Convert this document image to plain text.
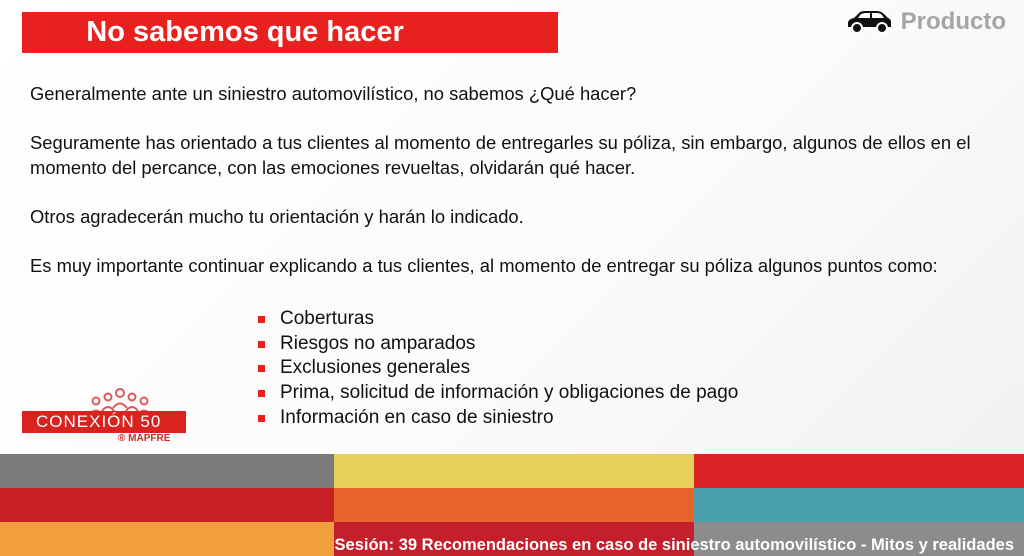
No sabemos que hacer	Producto

Generalmente ante un siniestro automovilístico, no sabemos ¿Qué hacer?

Seguramente has orientado a tus clientes al momento de entregarles su póliza, sin embargo, algunos de ellos en el momento del percance, con las emociones revueltas, olvidarán qué hacer.

Otros agradecerán mucho tu orientación y harán lo indicado.

Es muy importante continuar explicando a tus clientes, al momento de entregar su póliza algunos puntos como:

Coberturas
Riesgos no amparados
Exclusiones generales
Prima, solicitud de información y obligaciones de pago
Información en caso de siniestro
CONEXIÓN 50
® MAPFRE
Sesión: 39 Recomendaciones en caso de siniestro automovilístico - Mitos y realidades
